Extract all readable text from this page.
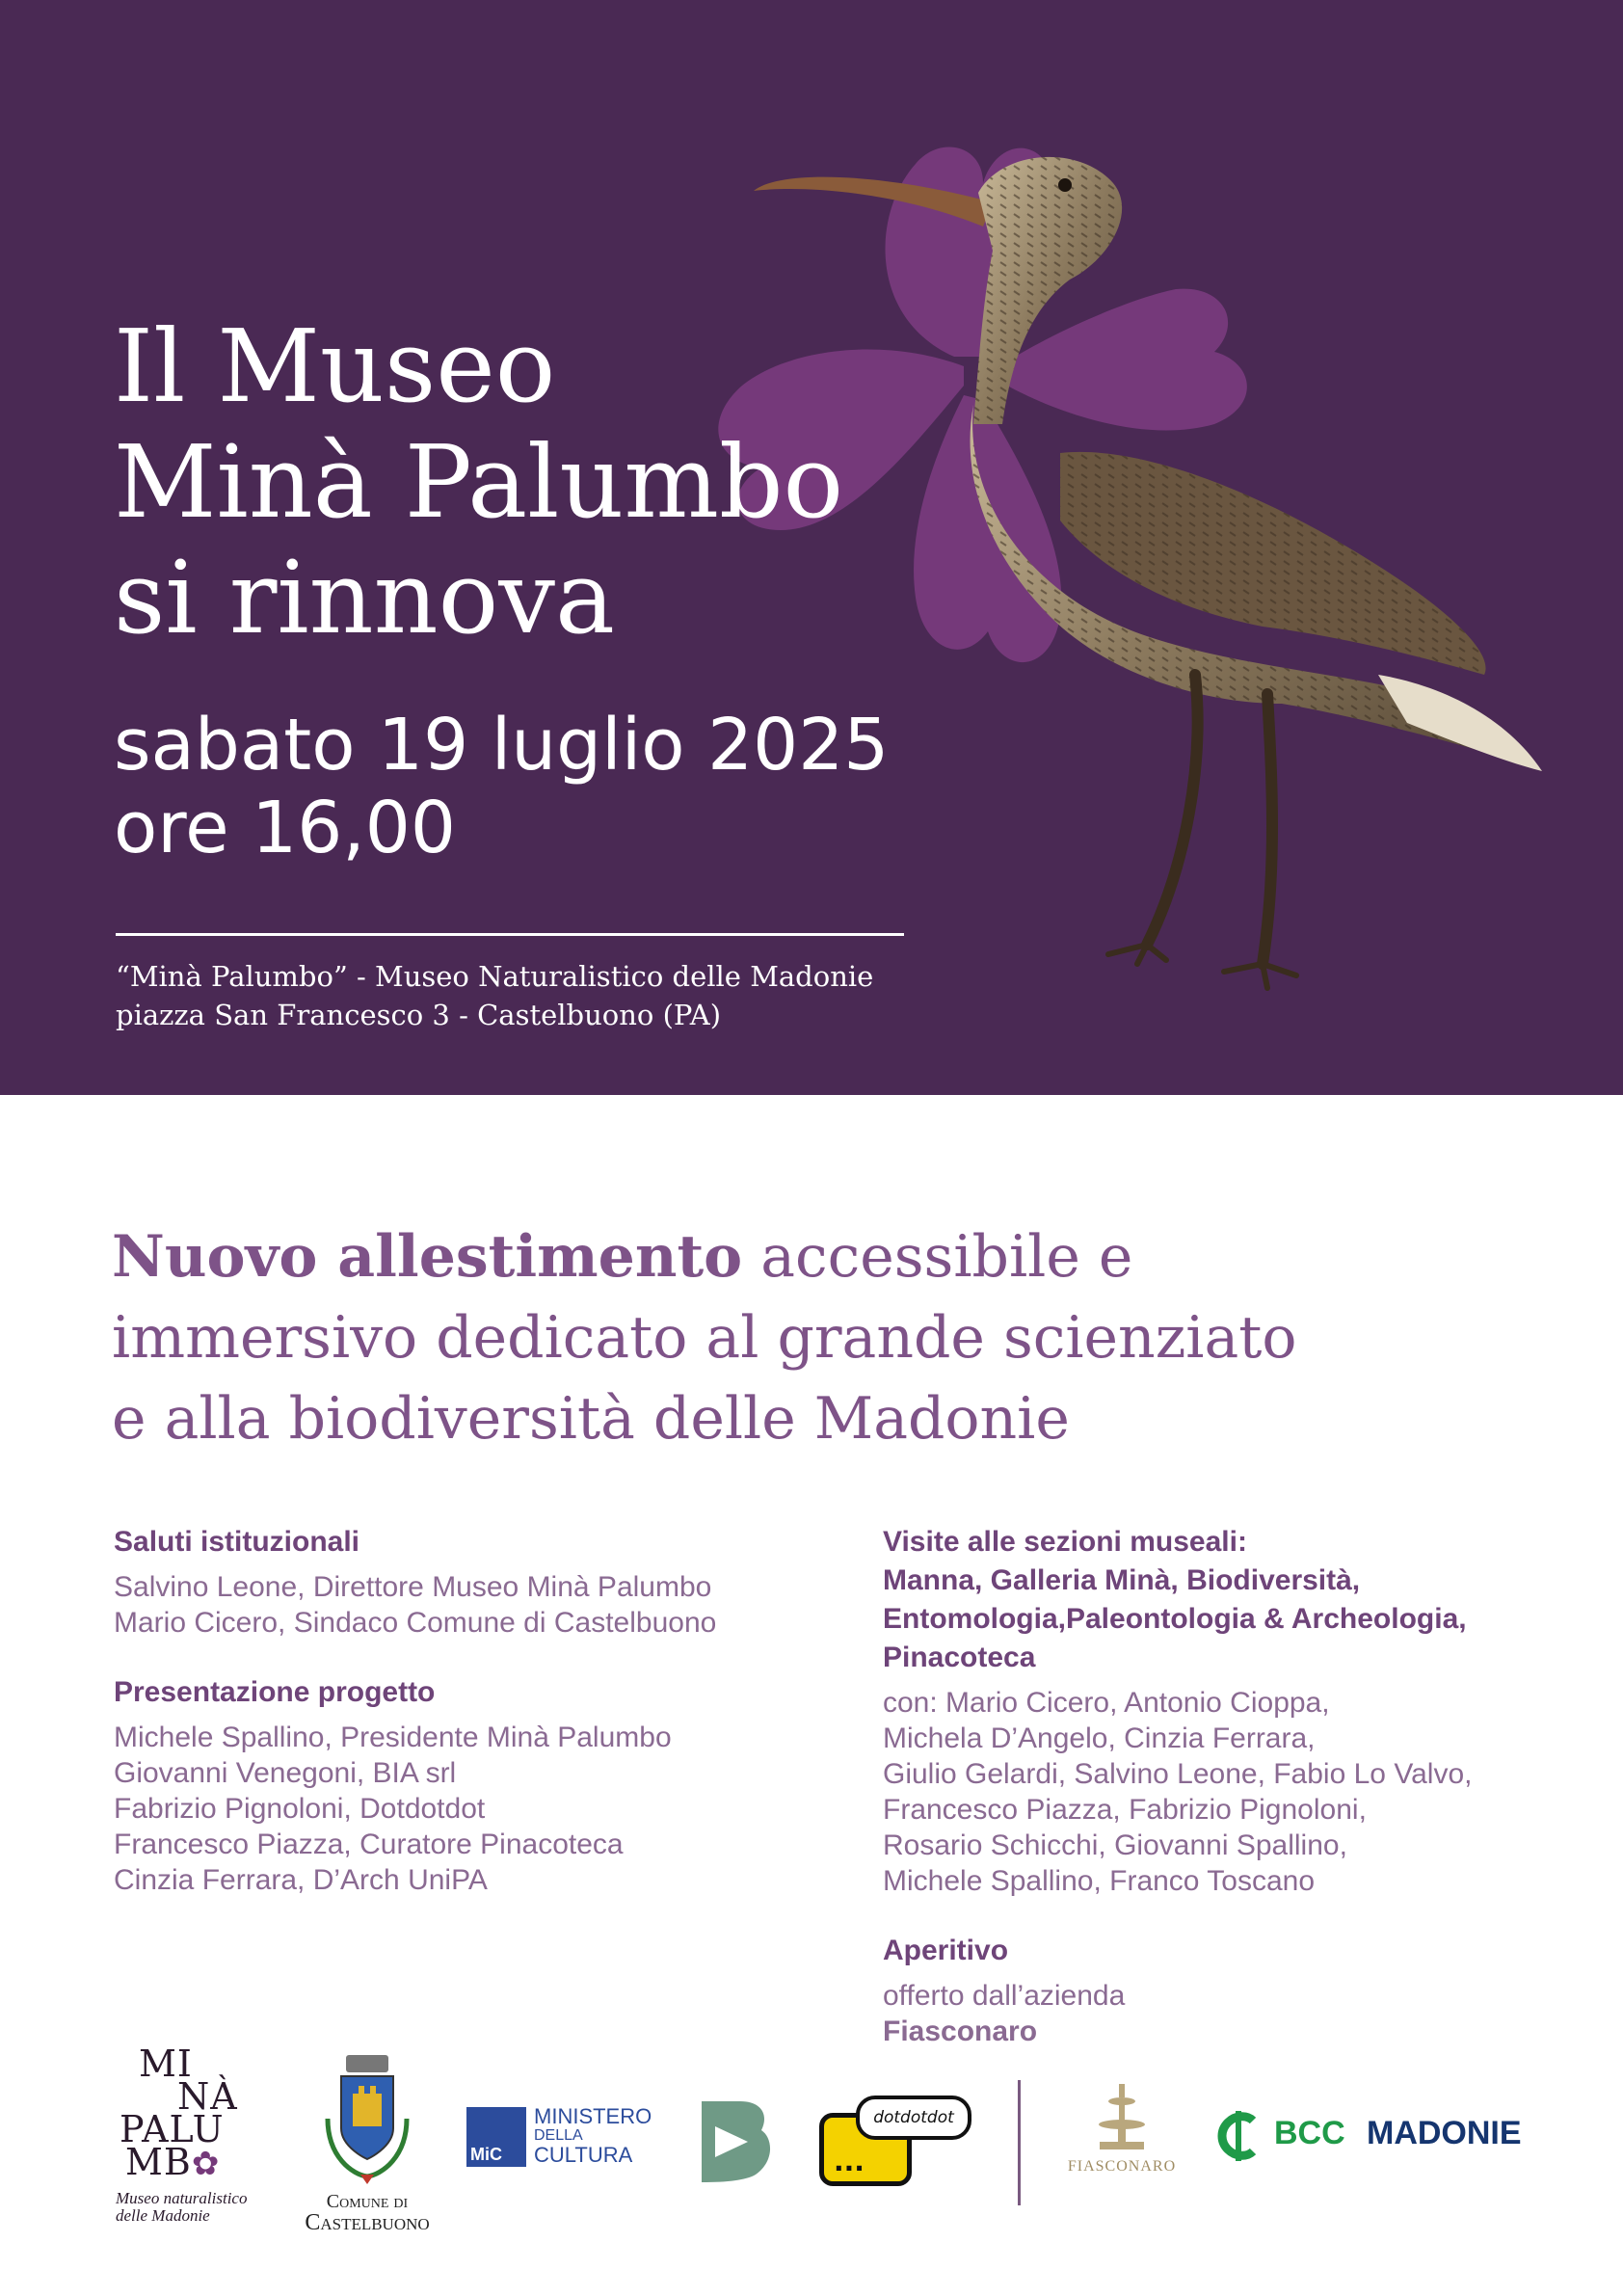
Il Museo
Minà Palumbo
si rinnova

sabato 19 luglio 2025
ore 16,00

“Minà Palumbo” - Museo Naturalistico delle Madonie
piazza San Francesco 3 - Castelbuono (PA)

Nuovo allestimento accessibile e
immersivo dedicato al grande scienziato
e alla biodiversità delle Madonie
Saluti istituzionali

Salvino Leone, Direttore Museo Minà Palumbo
Mario Cicero, Sindaco Comune di Castelbuono

Presentazione progetto

Michele Spallino, Presidente Minà Palumbo
Giovanni Venegoni, BIA srl
Fabrizio Pignoloni, Dotdotdot
Francesco Piazza, Curatore Pinacoteca
Cinzia Ferrara, D’Arch UniPA

Visite alle sezioni museali:
Manna, Galleria Minà, Biodiversità,
Entomologia,Paleontologia & Archeologia,
Pinacoteca

con: Mario Cicero, Antonio Cioppa,
Michela D’Angelo, Cinzia Ferrara,
Giulio Gelardi, Salvino Leone, Fabio Lo Valvo,
Francesco Piazza, Fabrizio Pignoloni,
Rosario Schicchi, Giovanni Spallino,
Michele Spallino, Franco Toscano

Aperitivo

offerto dall’azienda
Fiasconaro

MI
NÀ
PALU
MB✿
Museo naturalistico
delle Madonie
Comune di
Castelbuono
MiC
MINISTERO
DELLA
CULTURA	...
dotdotdot
FIASCONARO
BCC MADONIE
